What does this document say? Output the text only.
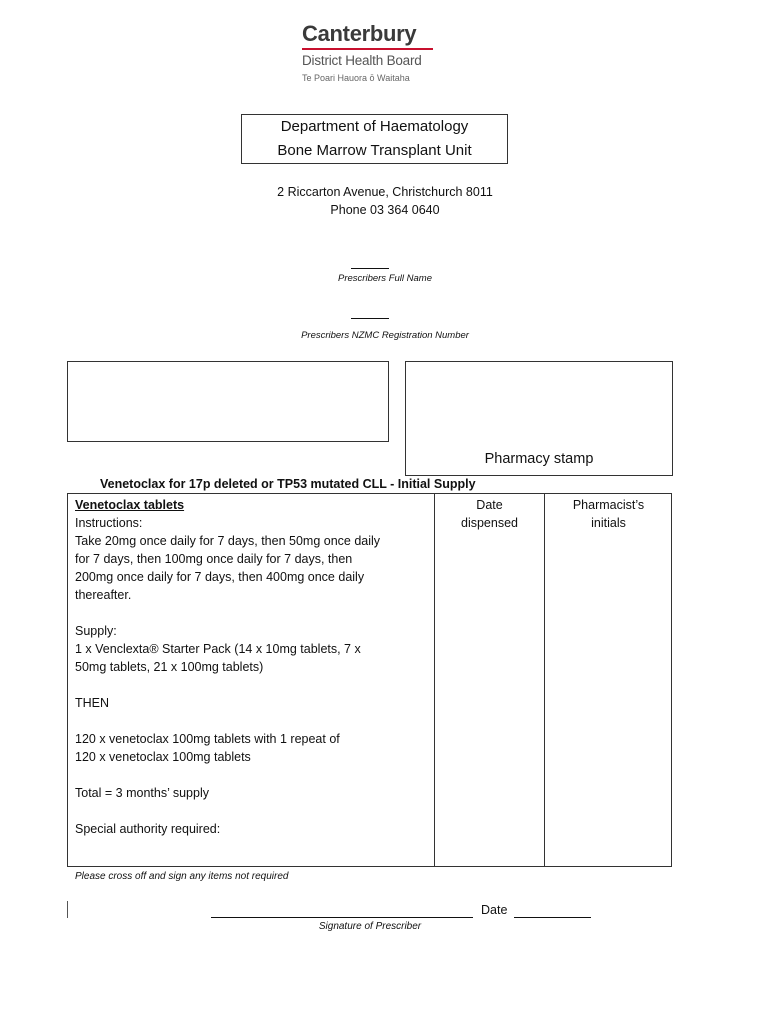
Canterbury
District Health Board
Te Poari Hauora ō Waitaha
Department of Haematology
Bone Marrow Transplant Unit
2 Riccarton Avenue, Christchurch 8011
Phone 03 364 0640
Prescribers Full Name
Prescribers NZMC Registration Number
Pharmacy stamp
Venetoclax for 17p deleted or TP53 mutated CLL - Initial Supply
Venetoclax tablets
Instructions:
Take 20mg once daily for 7 days, then 50mg once daily
for 7 days, then 100mg once daily for 7 days, then
200mg once daily for 7 days, then 400mg once daily
thereafter.
Supply:
1 x Venclexta® Starter Pack (14 x 10mg tablets, 7 x
50mg tablets, 21 x 100mg tablets)
THEN
120 x venetoclax 100mg tablets with 1 repeat of
120 x venetoclax 100mg tablets
Total = 3 months’ supply
Special authority required:
Date
dispensed
Pharmacist’s
initials
Please cross off and sign any items not required
Date
Signature of Prescriber
